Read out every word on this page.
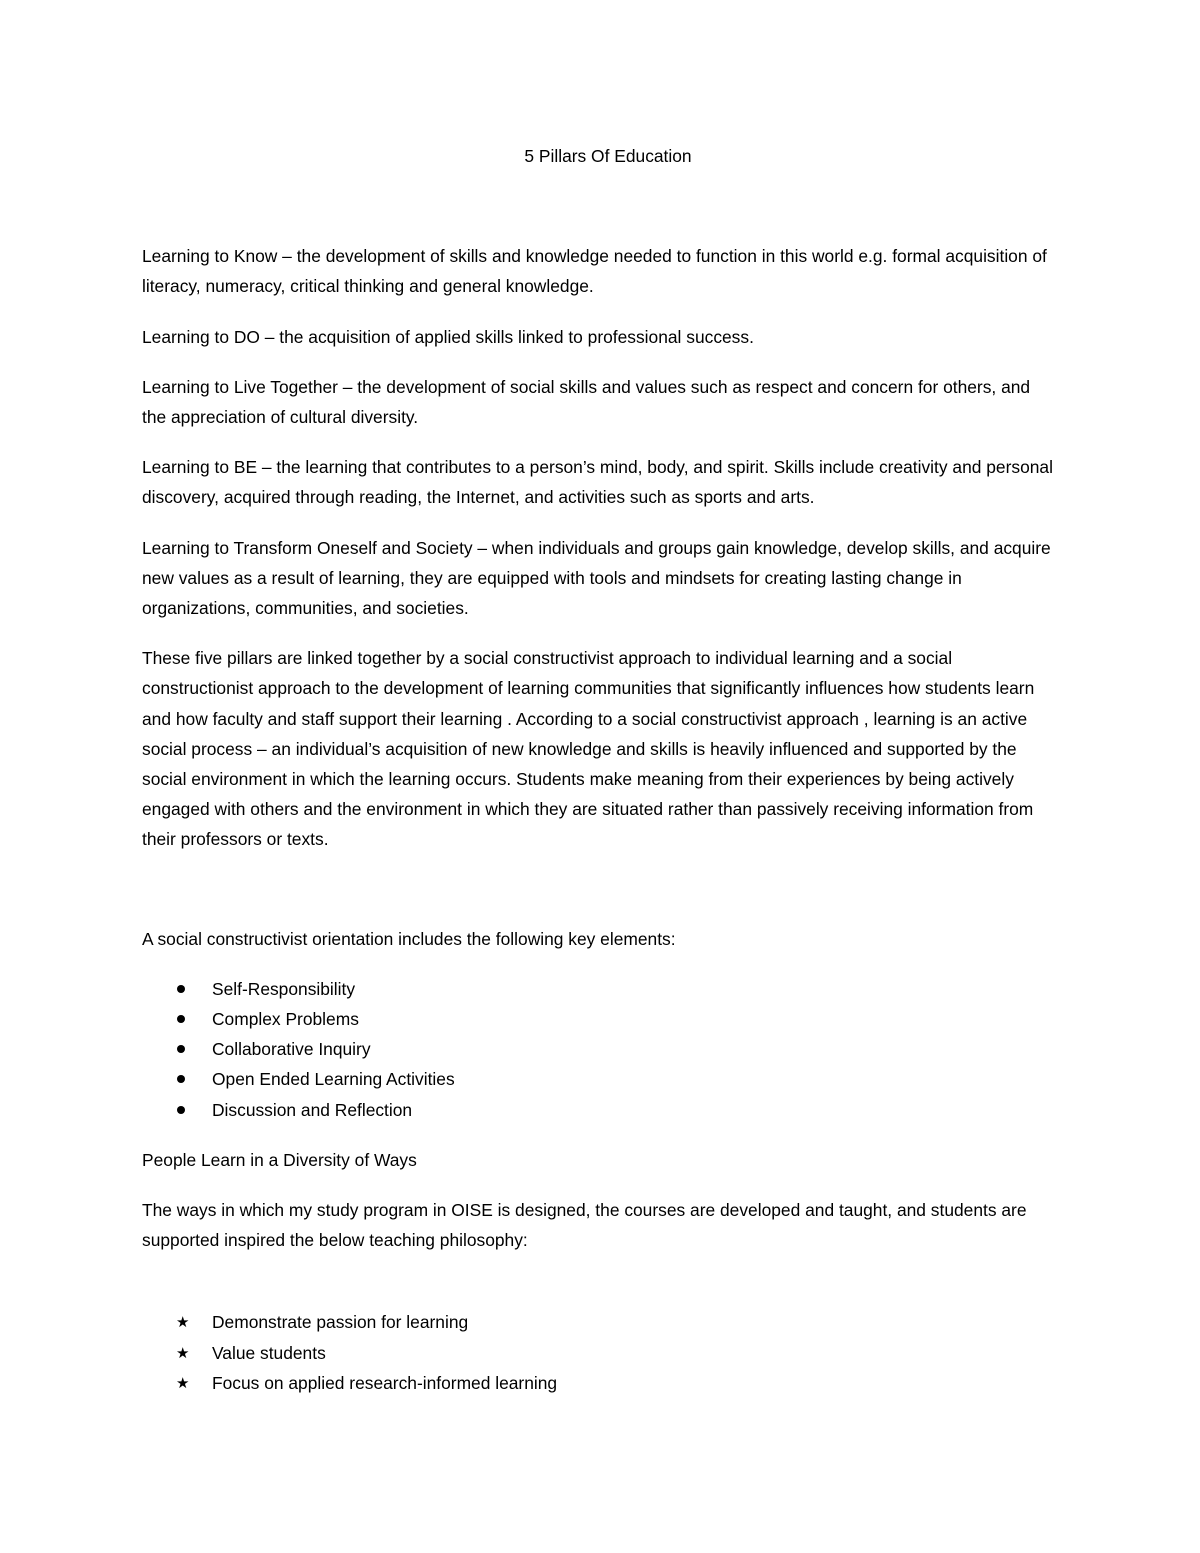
5 Pillars Of Education

Learning to Know – the development of skills and knowledge needed to function in this world e.g. formal acquisition of literacy, numeracy, critical thinking and general knowledge.

Learning to DO – the acquisition of applied skills linked to professional success.

Learning to Live Together – the development of social skills and values such as respect and concern for others, and the appreciation of cultural diversity.

Learning to BE – the learning that contributes to a person’s mind, body, and spirit. Skills include creativity and personal discovery, acquired through reading, the Internet, and activities such as sports and arts.

Learning to Transform Oneself and Society – when individuals and groups gain knowledge, develop skills, and acquire new values as a result of learning, they are equipped with tools and mindsets for creating lasting change in organizations, communities, and societies.

These five pillars are linked together by a social constructivist approach to individual learning and a social constructionist approach to the development of learning communities that significantly influences how students learn and how faculty and staff support their learning . According to a social constructivist approach , learning is an active social process – an individual’s acquisition of new knowledge and skills is heavily influenced and supported by the social environment in which the learning occurs. Students make meaning from their experiences by being actively engaged with others and the environment in which they are situated rather than passively receiving information from their professors or texts.

A social constructivist orientation includes the following key elements:

Self-Responsibility
Complex Problems
Collaborative Inquiry
Open Ended Learning Activities
Discussion and Reflection

People Learn in a Diversity of Ways

The ways in which my study program in OISE is designed, the courses are developed and taught, and students are supported inspired the below teaching philosophy:

★ Demonstrate passion for learning
★ Value students
★ Focus on applied research-informed learning
